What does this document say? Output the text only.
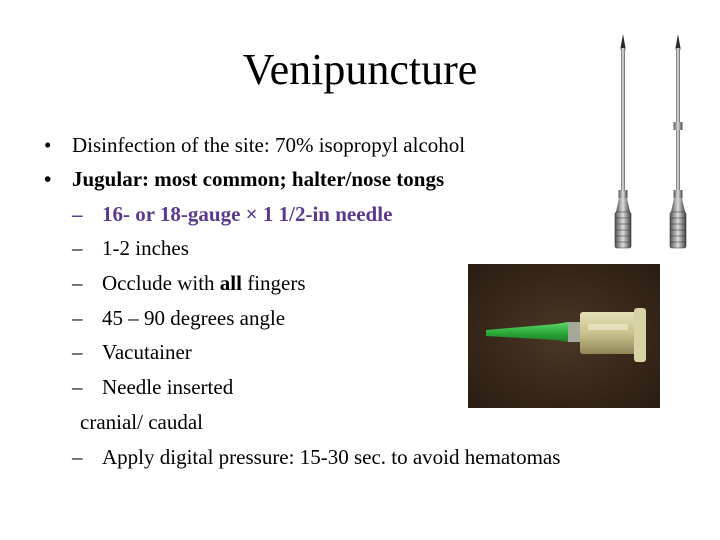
Venipuncture
• Disinfection of the site: 70% isopropyl alcohol
• Jugular: most common; halter/nose tongs
– 16- or 18-gauge × 1 1/2-in needle
– 1-2 inches
– Occlude with all fingers
– 45 – 90 degrees angle
– Vacutainer
– Needle inserted
cranial/ caudal
– Apply digital pressure: 15-30 sec. to avoid hematomas
